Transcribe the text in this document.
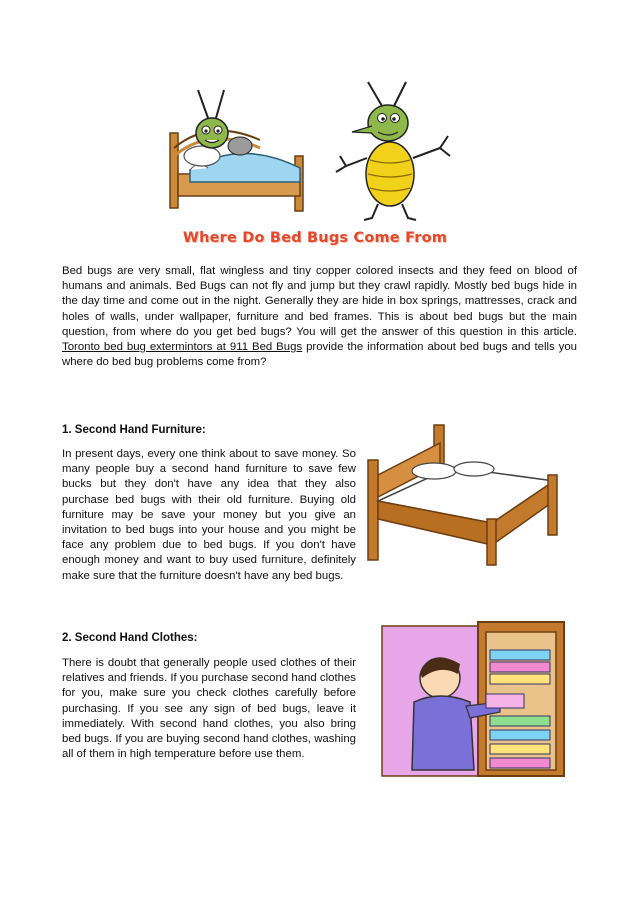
Where Do Bed Bugs Come From
Bed bugs are very small, flat wingless and tiny copper colored insects and they feed on blood of humans and animals. Bed Bugs can not fly and jump but they crawl rapidly. Mostly bed bugs hide in the day time and come out in the night. Generally they are hide in box springs, mattresses, crack and holes of walls, under wallpaper, furniture and bed frames. This is about bed bugs but the main question, from where do you get bed bugs? You will get the answer of this question in this article. Toronto bed bug extermintors at 911 Bed Bugs provide the information about bed bugs and tells you where do bed bug problems come from?
1. Second Hand Furniture:
In present days, every one think about to save money. So many people buy a second hand furniture to save few bucks but they don't have any idea that they also purchase bed bugs with their old furniture. Buying old furniture may be save your money but you give an invitation to bed bugs into your house and you might be face any problem due to bed bugs. If you don't have enough money and want to buy used furniture, definitely make sure that the furniture doesn't have any bed bugs.
2. Second Hand Clothes:
There is doubt that generally people used clothes of their relatives and friends. If you purchase second hand clothes for you, make sure you check clothes carefully before purchasing. If you see any sign of bed bugs, leave it immediately. With second hand clothes, you also bring bed bugs. If you are buying second hand clothes, washing all of them in high temperature before use them.
